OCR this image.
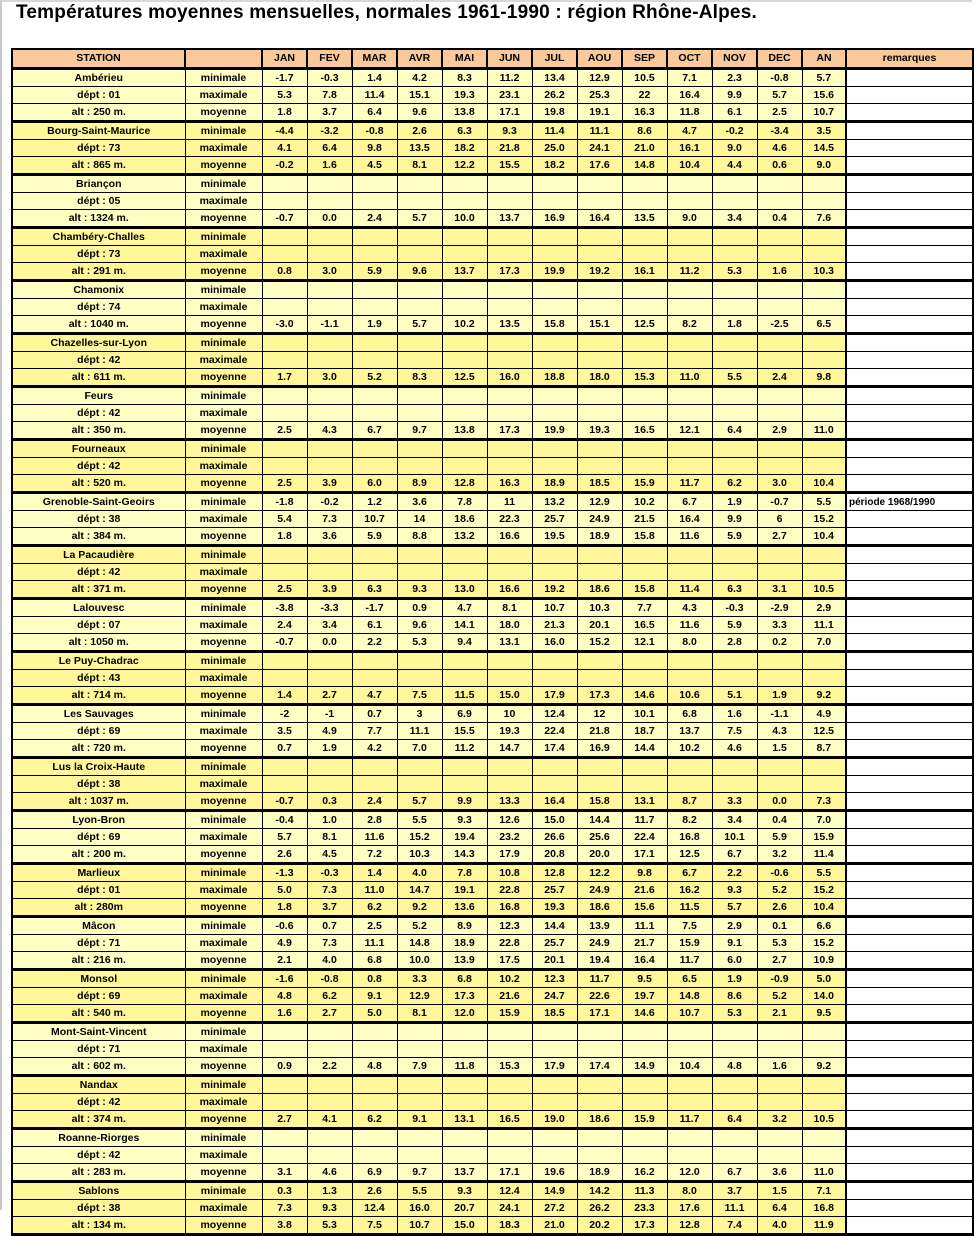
Températures moyennes mensuelles, normales 1961-1990 : région Rhône-Alpes.
STATION		JAN	FEV	MAR	AVR	MAI	JUN	JUL	AOU	SEP	OCT	NOV	DEC	AN	remarques
Ambérieu	minimale	-1.7	-0.3	1.4	4.2	8.3	11.2	13.4	12.9	10.5	7.1	2.3	-0.8	5.7	
dépt : 01	maximale	5.3	7.8	11.4	15.1	19.3	23.1	26.2	25.3	22	16.4	9.9	5.7	15.6	
alt : 250 m.	moyenne	1.8	3.7	6.4	9.6	13.8	17.1	19.8	19.1	16.3	11.8	6.1	2.5	10.7	
Bourg-Saint-Maurice	minimale	-4.4	-3.2	-0.8	2.6	6.3	9.3	11.4	11.1	8.6	4.7	-0.2	-3.4	3.5	
dépt : 73	maximale	4.1	6.4	9.8	13.5	18.2	21.8	25.0	24.1	21.0	16.1	9.0	4.6	14.5	
alt : 865 m.	moyenne	-0.2	1.6	4.5	8.1	12.2	15.5	18.2	17.6	14.8	10.4	4.4	0.6	9.0	
Briançon	minimale														
dépt : 05	maximale														
alt : 1324 m.	moyenne	-0.7	0.0	2.4	5.7	10.0	13.7	16.9	16.4	13.5	9.0	3.4	0.4	7.6	
Chambéry-Challes	minimale														
dépt : 73	maximale														
alt : 291 m.	moyenne	0.8	3.0	5.9	9.6	13.7	17.3	19.9	19.2	16.1	11.2	5.3	1.6	10.3	
Chamonix	minimale														
dépt : 74	maximale														
alt : 1040 m.	moyenne	-3.0	-1.1	1.9	5.7	10.2	13.5	15.8	15.1	12.5	8.2	1.8	-2.5	6.5	
Chazelles-sur-Lyon	minimale														
dépt : 42	maximale														
alt : 611 m.	moyenne	1.7	3.0	5.2	8.3	12.5	16.0	18.8	18.0	15.3	11.0	5.5	2.4	9.8	
Feurs	minimale														
dépt : 42	maximale														
alt : 350 m.	moyenne	2.5	4.3	6.7	9.7	13.8	17.3	19.9	19.3	16.5	12.1	6.4	2.9	11.0	
Fourneaux	minimale														
dépt : 42	maximale														
alt : 520 m.	moyenne	2.5	3.9	6.0	8.9	12.8	16.3	18.9	18.5	15.9	11.7	6.2	3.0	10.4	
Grenoble-Saint-Geoirs	minimale	-1.8	-0.2	1.2	3.6	7.8	11	13.2	12.9	10.2	6.7	1.9	-0.7	5.5	période 1968/1990
dépt : 38	maximale	5.4	7.3	10.7	14	18.6	22.3	25.7	24.9	21.5	16.4	9.9	6	15.2	
alt : 384 m.	moyenne	1.8	3.6	5.9	8.8	13.2	16.6	19.5	18.9	15.8	11.6	5.9	2.7	10.4	
La Pacaudière	minimale														
dépt : 42	maximale														
alt : 371 m.	moyenne	2.5	3.9	6.3	9.3	13.0	16.6	19.2	18.6	15.8	11.4	6.3	3.1	10.5	
Lalouvesc	minimale	-3.8	-3.3	-1.7	0.9	4.7	8.1	10.7	10.3	7.7	4.3	-0.3	-2.9	2.9	
dépt : 07	maximale	2.4	3.4	6.1	9.6	14.1	18.0	21.3	20.1	16.5	11.6	5.9	3.3	11.1	
alt : 1050 m.	moyenne	-0.7	0.0	2.2	5.3	9.4	13.1	16.0	15.2	12.1	8.0	2.8	0.2	7.0	
Le Puy-Chadrac	minimale														
dépt : 43	maximale														
alt : 714 m.	moyenne	1.4	2.7	4.7	7.5	11.5	15.0	17.9	17.3	14.6	10.6	5.1	1.9	9.2	
Les Sauvages	minimale	-2	-1	0.7	3	6.9	10	12.4	12	10.1	6.8	1.6	-1.1	4.9	
dépt : 69	maximale	3.5	4.9	7.7	11.1	15.5	19.3	22.4	21.8	18.7	13.7	7.5	4.3	12.5	
alt : 720 m.	moyenne	0.7	1.9	4.2	7.0	11.2	14.7	17.4	16.9	14.4	10.2	4.6	1.5	8.7	
Lus la Croix-Haute	minimale														
dépt : 38	maximale														
alt : 1037 m.	moyenne	-0.7	0.3	2.4	5.7	9.9	13.3	16.4	15.8	13.1	8.7	3.3	0.0	7.3	
Lyon-Bron	minimale	-0.4	1.0	2.8	5.5	9.3	12.6	15.0	14.4	11.7	8.2	3.4	0.4	7.0	
dépt : 69	maximale	5.7	8.1	11.6	15.2	19.4	23.2	26.6	25.6	22.4	16.8	10.1	5.9	15.9	
alt : 200 m.	moyenne	2.6	4.5	7.2	10.3	14.3	17.9	20.8	20.0	17.1	12.5	6.7	3.2	11.4	
Marlieux	minimale	-1.3	-0.3	1.4	4.0	7.8	10.8	12.8	12.2	9.8	6.7	2.2	-0.6	5.5	
dépt : 01	maximale	5.0	7.3	11.0	14.7	19.1	22.8	25.7	24.9	21.6	16.2	9.3	5.2	15.2	
alt : 280m	moyenne	1.8	3.7	6.2	9.2	13.6	16.8	19.3	18.6	15.6	11.5	5.7	2.6	10.4	
Mâcon	minimale	-0.6	0.7	2.5	5.2	8.9	12.3	14.4	13.9	11.1	7.5	2.9	0.1	6.6	
dépt : 71	maximale	4.9	7.3	11.1	14.8	18.9	22.8	25.7	24.9	21.7	15.9	9.1	5.3	15.2	
alt : 216 m.	moyenne	2.1	4.0	6.8	10.0	13.9	17.5	20.1	19.4	16.4	11.7	6.0	2.7	10.9	
Monsol	minimale	-1.6	-0.8	0.8	3.3	6.8	10.2	12.3	11.7	9.5	6.5	1.9	-0.9	5.0	
dépt : 69	maximale	4.8	6.2	9.1	12.9	17.3	21.6	24.7	22.6	19.7	14.8	8.6	5.2	14.0	
alt : 540 m.	moyenne	1.6	2.7	5.0	8.1	12.0	15.9	18.5	17.1	14.6	10.7	5.3	2.1	9.5	
Mont-Saint-Vincent	minimale														
dépt : 71	maximale														
alt : 602 m.	moyenne	0.9	2.2	4.8	7.9	11.8	15.3	17.9	17.4	14.9	10.4	4.8	1.6	9.2	
Nandax	minimale														
dépt : 42	maximale														
alt : 374 m.	moyenne	2.7	4.1	6.2	9.1	13.1	16.5	19.0	18.6	15.9	11.7	6.4	3.2	10.5	
Roanne-Riorges	minimale														
dépt : 42	maximale														
alt : 283 m.	moyenne	3.1	4.6	6.9	9.7	13.7	17.1	19.6	18.9	16.2	12.0	6.7	3.6	11.0	
Sablons	minimale	0.3	1.3	2.6	5.5	9.3	12.4	14.9	14.2	11.3	8.0	3.7	1.5	7.1	
dépt : 38	maximale	7.3	9.3	12.4	16.0	20.7	24.1	27.2	26.2	23.3	17.6	11.1	6.4	16.8	
alt : 134 m.	moyenne	3.8	5.3	7.5	10.7	15.0	18.3	21.0	20.2	17.3	12.8	7.4	4.0	11.9	
